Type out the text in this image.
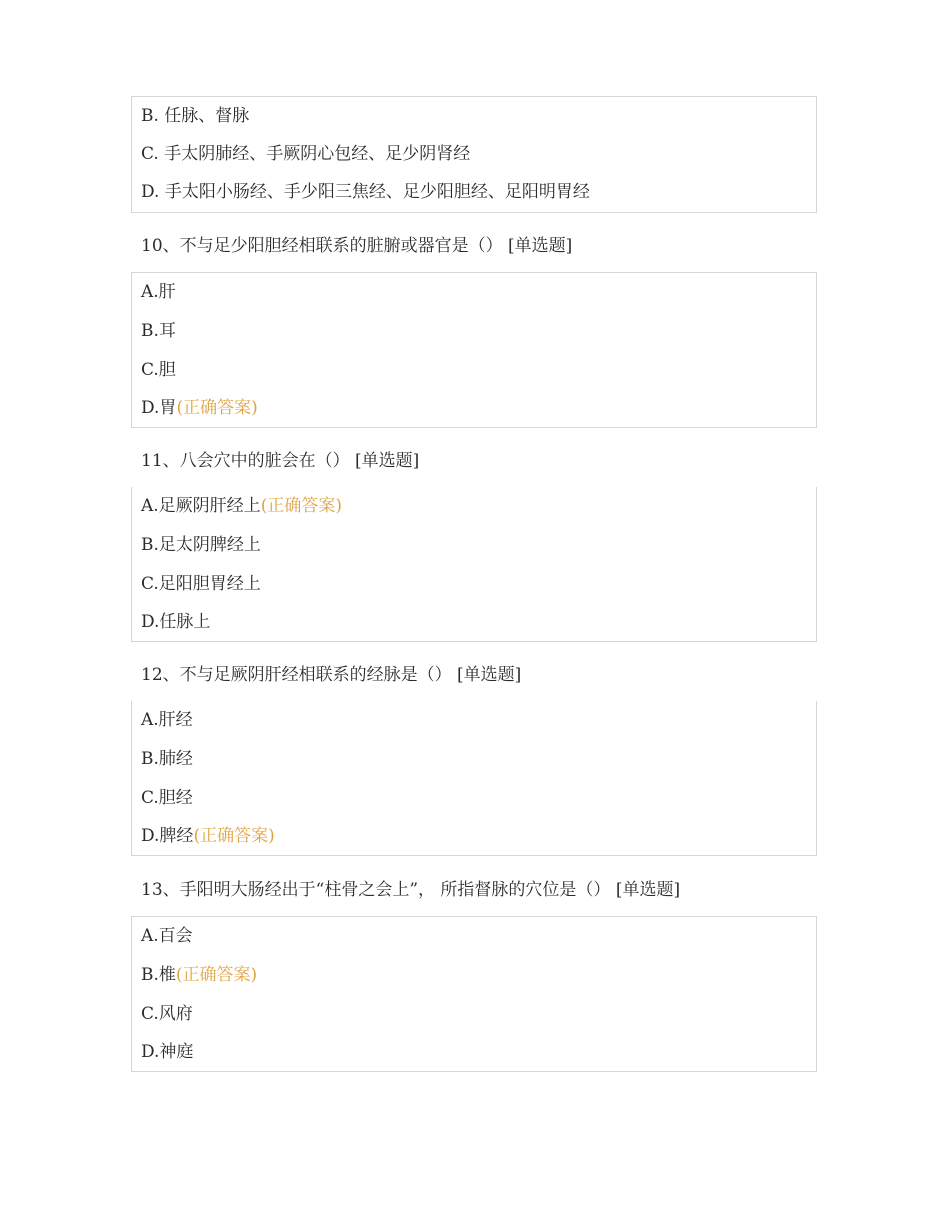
B. 任脉、督脉
C. 手太阴肺经、手厥阴心包经、足少阴肾经
D. 手太阳小肠经、手少阳三焦经、足少阳胆经、足阳明胃经
10、不与足少阳胆经相联系的脏腑或器官是（） [单选题]
A.肝
B.耳
C.胆
D.胃(正确答案)
11、八会穴中的脏会在（） [单选题]
A.足厥阴肝经上(正确答案)
B.足太阴脾经上
C.足阳胆胃经上
D.任脉上
12、不与足厥阴肝经相联系的经脉是（） [单选题]
A.肝经
B.肺经
C.胆经
D.脾经(正确答案)
13、手阳明大肠经出于“柱骨之会上”， 所指督脉的穴位是（） [单选题]
A.百会
B.椎(正确答案)
C.风府
D.神庭
